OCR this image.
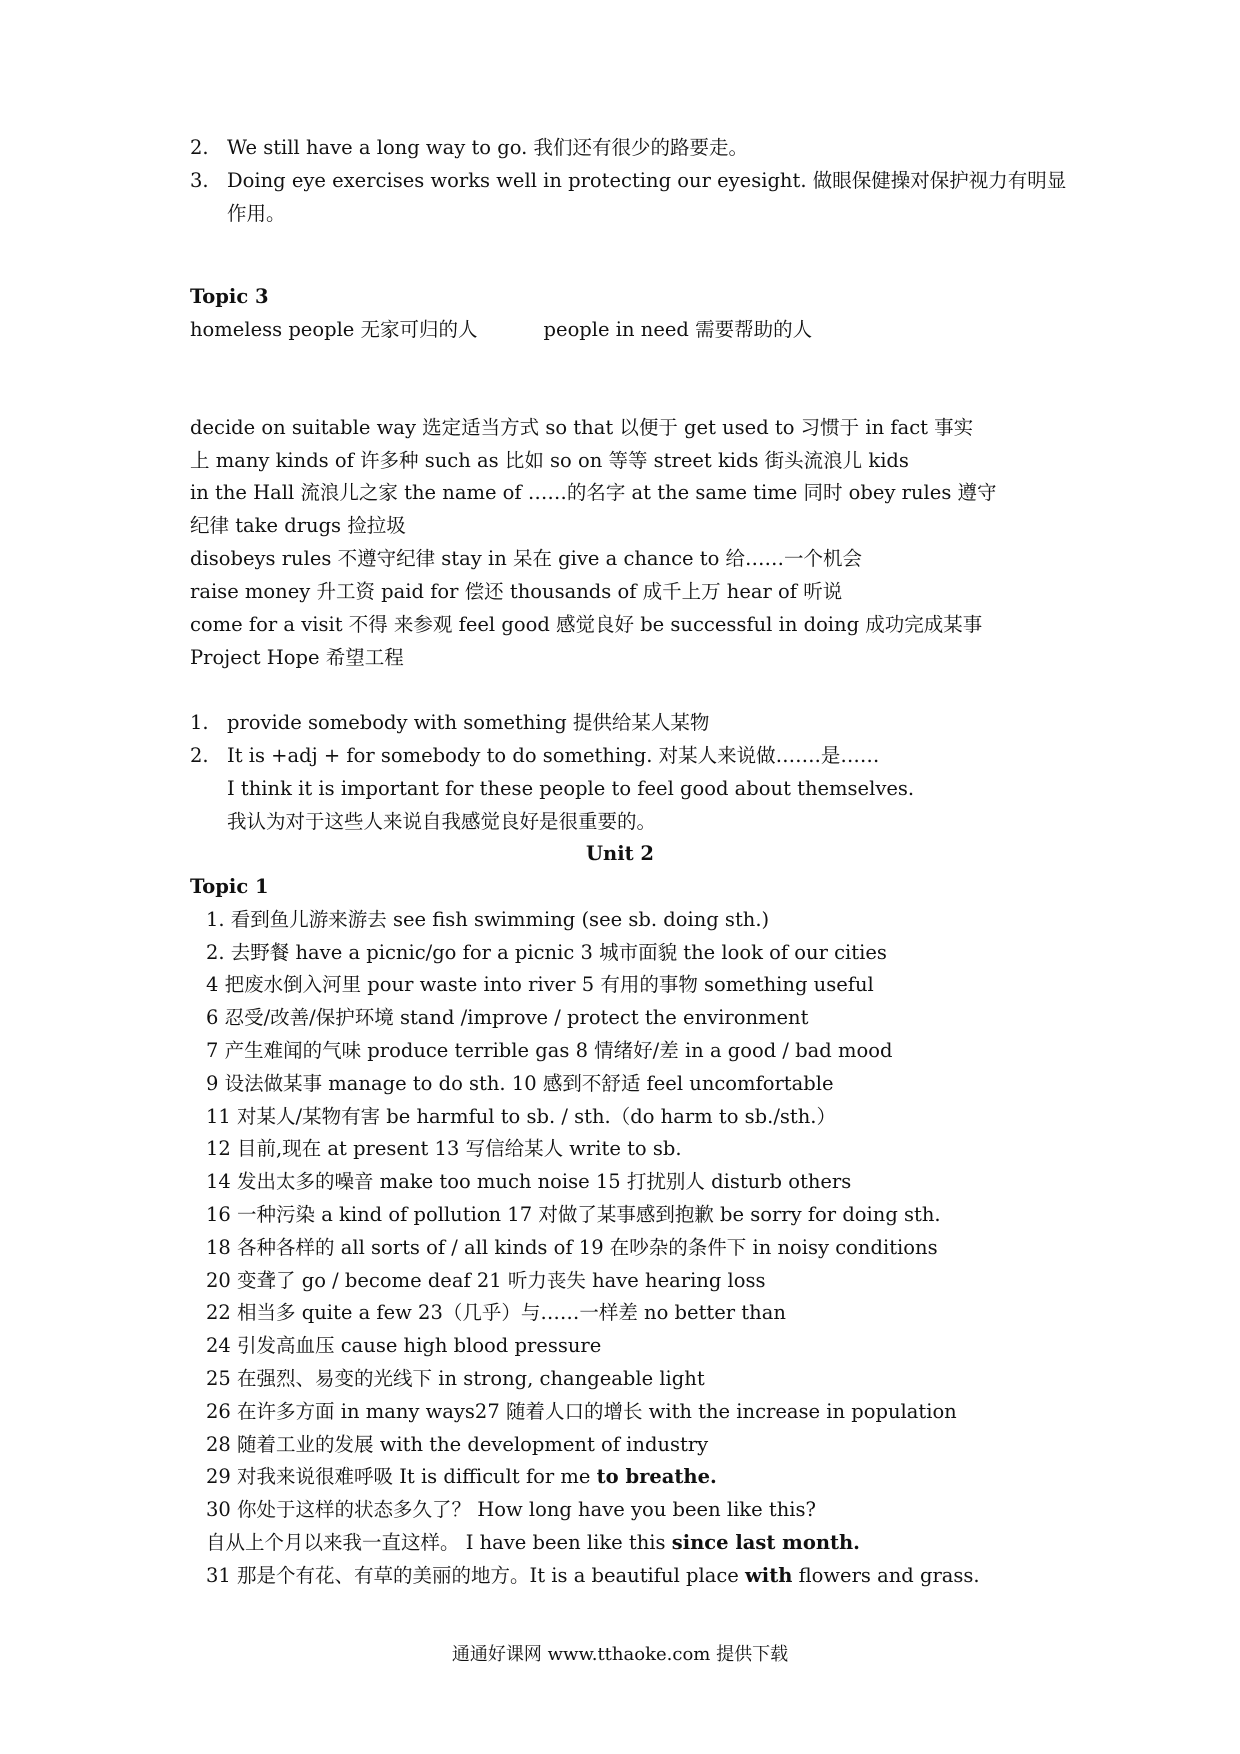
2. We still have a long way to go. 我们还有很少的路要走。
3. Doing eye exercises works well in protecting our eyesight. 做眼保健操对保护视力有明显
作用。
Topic 3
homeless people 无家可归的人	people in need 需要帮助的人
decide on suitable way 选定适当方式 so that 以便于 get used to 习惯于 in fact 事实
上 many kinds of 许多种 such as 比如 so on 等等 street kids 街头流浪儿 kids
in the Hall 流浪儿之家 the name of ……的名字 at the same time 同时 obey rules 遵守
纪律 take drugs 捡拉圾
disobeys rules 不遵守纪律 stay in 呆在 give a chance to 给……一个机会
raise money 升工资 paid for 偿还 thousands of 成千上万 hear of 听说
come for a visit 不得 来参观 feel good 感觉良好 be successful in doing 成功完成某事
Project Hope 希望工程
1. provide somebody with something 提供给某人某物
2. It is +adj + for somebody to do something. 对某人来说做…….是……
I think it is important for these people to feel good about themselves.
我认为对于这些人来说自我感觉良好是很重要的。
Unit 2
Topic 1
1. 看到鱼儿游来游去 see fish swimming (see sb. doing sth.)
2. 去野餐 have a picnic/go for a picnic 3 城市面貌 the look of our cities
4 把废水倒入河里 pour waste into river 5 有用的事物 something useful
6 忍受/改善/保护环境 stand /improve / protect the environment
7 产生难闻的气味 produce terrible gas 8 情绪好/差 in a good / bad mood
9 设法做某事 manage to do sth. 10 感到不舒适 feel uncomfortable
11 对某人/某物有害 be harmful to sb. / sth.（do harm to sb./sth.）
12 目前,现在 at present 13 写信给某人 write to sb.
14 发出太多的噪音 make too much noise 15 打扰别人 disturb others
16 一种污染 a kind of pollution 17 对做了某事感到抱歉 be sorry for doing sth.
18 各种各样的 all sorts of / all kinds of 19 在吵杂的条件下 in noisy conditions
20 变聋了 go / become deaf 21 听力丧失 have hearing loss
22 相当多 quite a few 23（几乎）与……一样差 no better than
24 引发高血压 cause high blood pressure
25 在强烈、易变的光线下 in strong, changeable light
26 在许多方面 in many ways27 随着人口的增长 with the increase in population
28 随着工业的发展 with the development of industry
29 对我来说很难呼吸 It is difficult for me to breathe.
30 你处于这样的状态多久了？ How long have you been like this?
自从上个月以来我一直这样。 I have been like this since last month.
31 那是个有花、有草的美丽的地方。It is a beautiful place with flowers and grass.
通通好课网 www.tthaoke.com 提供下载
